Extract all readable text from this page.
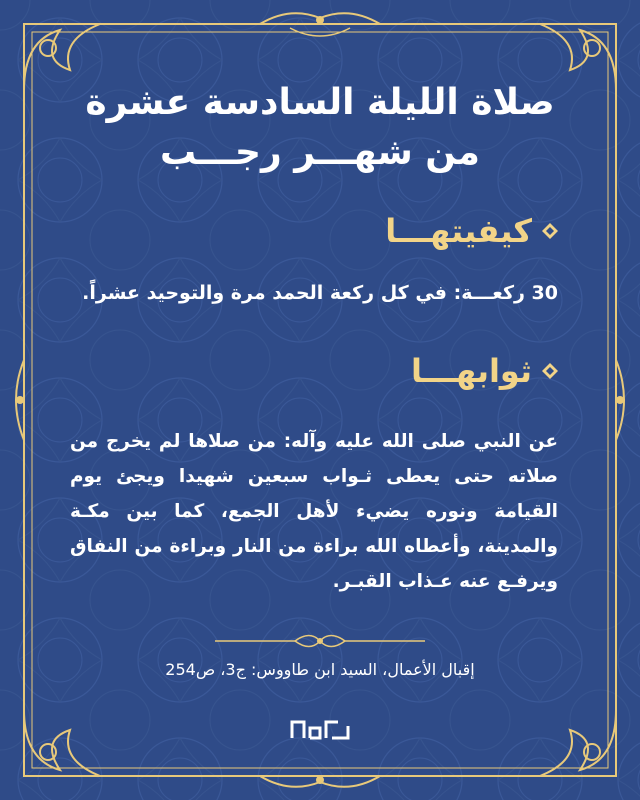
صلاة الليلة السادسة عشرة
من شهـــر رجـــب
كيفيتهـــا
30 ركعـــة: في كل ركعة الحمد مرة والتوحيد عشراً.
ثوابهـــا
عن النبي صلى الله عليه وآله: من صلاها لم يخرج من صلاته حتى يعطى ثـواب سبعين شهيدا ويجئ يوم القيامة ونوره يضيء لأهل الجمع، كما بين مكـة والمدينة، وأعطاه الله براءة من النار وبراءة من النفاق ويرفـع عنه عـذاب القبـر.
إقبال الأعمال، السيد ابن طاووس: ج3، ص254
